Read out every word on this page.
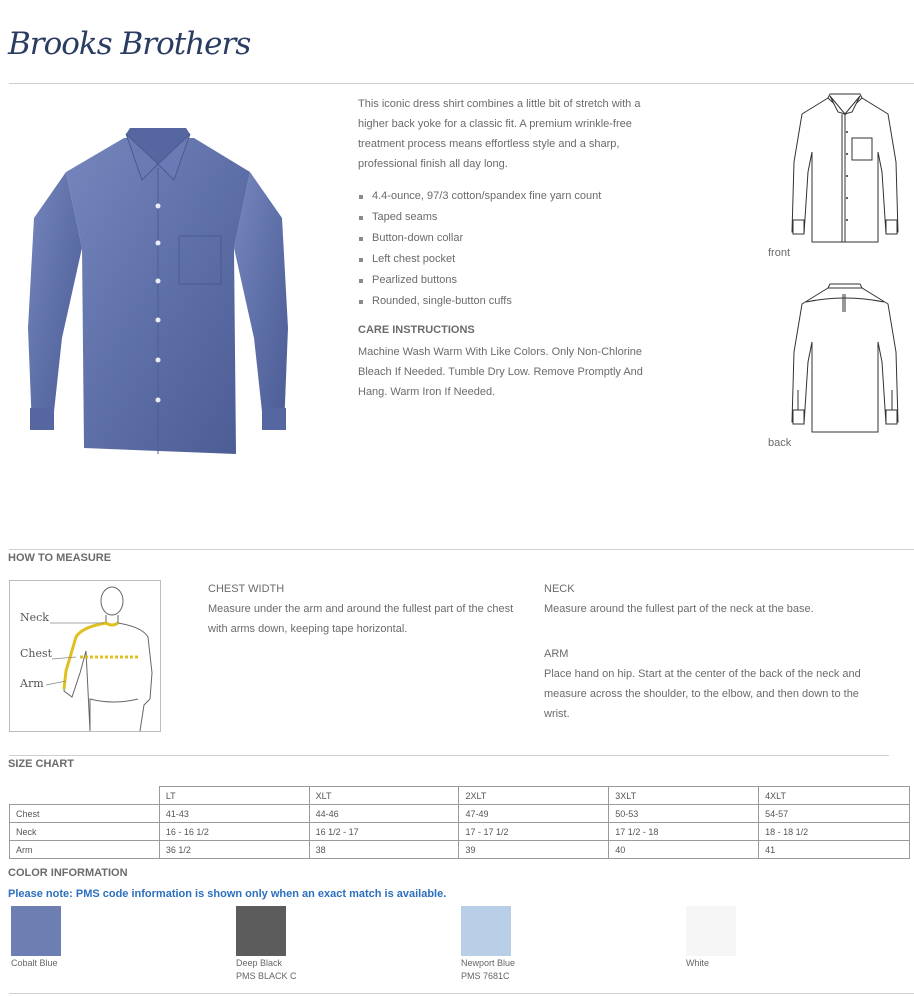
Brooks Brothers
This iconic dress shirt combines a little bit of stretch with a higher back yoke for a classic fit. A premium wrinkle-free treatment process means effortless style and a sharp, professional finish all day long.
4.4-ounce, 97/3 cotton/spandex fine yarn count
Taped seams
Button-down collar
Left chest pocket
Pearlized buttons
Rounded, single-button cuffs
CARE INSTRUCTIONS
Machine Wash Warm With Like Colors. Only Non-Chlorine Bleach If Needed. Tumble Dry Low. Remove Promptly And Hang. Warm Iron If Needed.
front
back
HOW TO MEASURE
Neck
Chest
Arm
CHEST WIDTH
Measure under the arm and around the fullest part of the chest with arms down, keeping tape horizontal.
NECK
Measure around the fullest part of the neck at the base.
ARM
Place hand on hip. Start at the center of the back of the neck and measure across the shoulder, to the elbow, and then down to the wrist.
SIZE CHART
	LT	XLT	2XLT	3XLT	4XLT
Chest	41-43	44-46	47-49	50-53	54-57
Neck	16 - 16 1/2	16 1/2 - 17	17 - 17 1/2	17 1/2 - 18	18 - 18 1/2
Arm	36 1/2	38	39	40	41
COLOR INFORMATION
Please note: PMS code information is shown only when an exact match is available.
Cobalt Blue	Deep Black
PMS BLACK C
Newport Blue
PMS 7681C
White
